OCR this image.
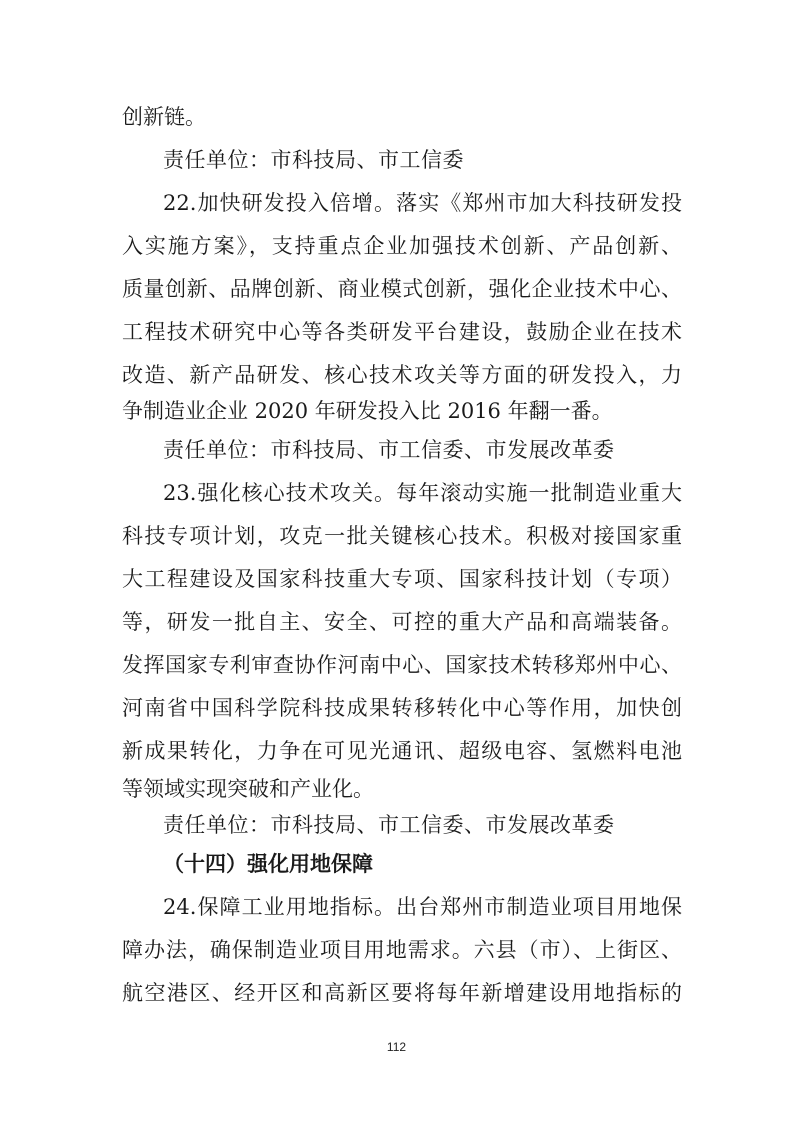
创新链。
责任单位：市科技局、市工信委
22.加快研发投入倍增。落实《郑州市加大科技研发投
入实施方案》，支持重点企业加强技术创新、产品创新、
质量创新、品牌创新、商业模式创新，强化企业技术中心、
工程技术研究中心等各类研发平台建设，鼓励企业在技术
改造、新产品研发、核心技术攻关等方面的研发投入，力
争制造业企业 2020 年研发投入比 2016 年翻一番。
责任单位：市科技局、市工信委、市发展改革委
23.强化核心技术攻关。每年滚动实施一批制造业重大
科技专项计划，攻克一批关键核心技术。积极对接国家重
大工程建设及国家科技重大专项、国家科技计划（专项）
等，研发一批自主、安全、可控的重大产品和高端装备。
发挥国家专利审查协作河南中心、国家技术转移郑州中心、
河南省中国科学院科技成果转移转化中心等作用，加快创
新成果转化，力争在可见光通讯、超级电容、氢燃料电池
等领域实现突破和产业化。
责任单位：市科技局、市工信委、市发展改革委
（十四）强化用地保障
24.保障工业用地指标。出台郑州市制造业项目用地保
障办法，确保制造业项目用地需求。六县（市）、上街区、
航空港区、经开区和高新区要将每年新增建设用地指标的
112
